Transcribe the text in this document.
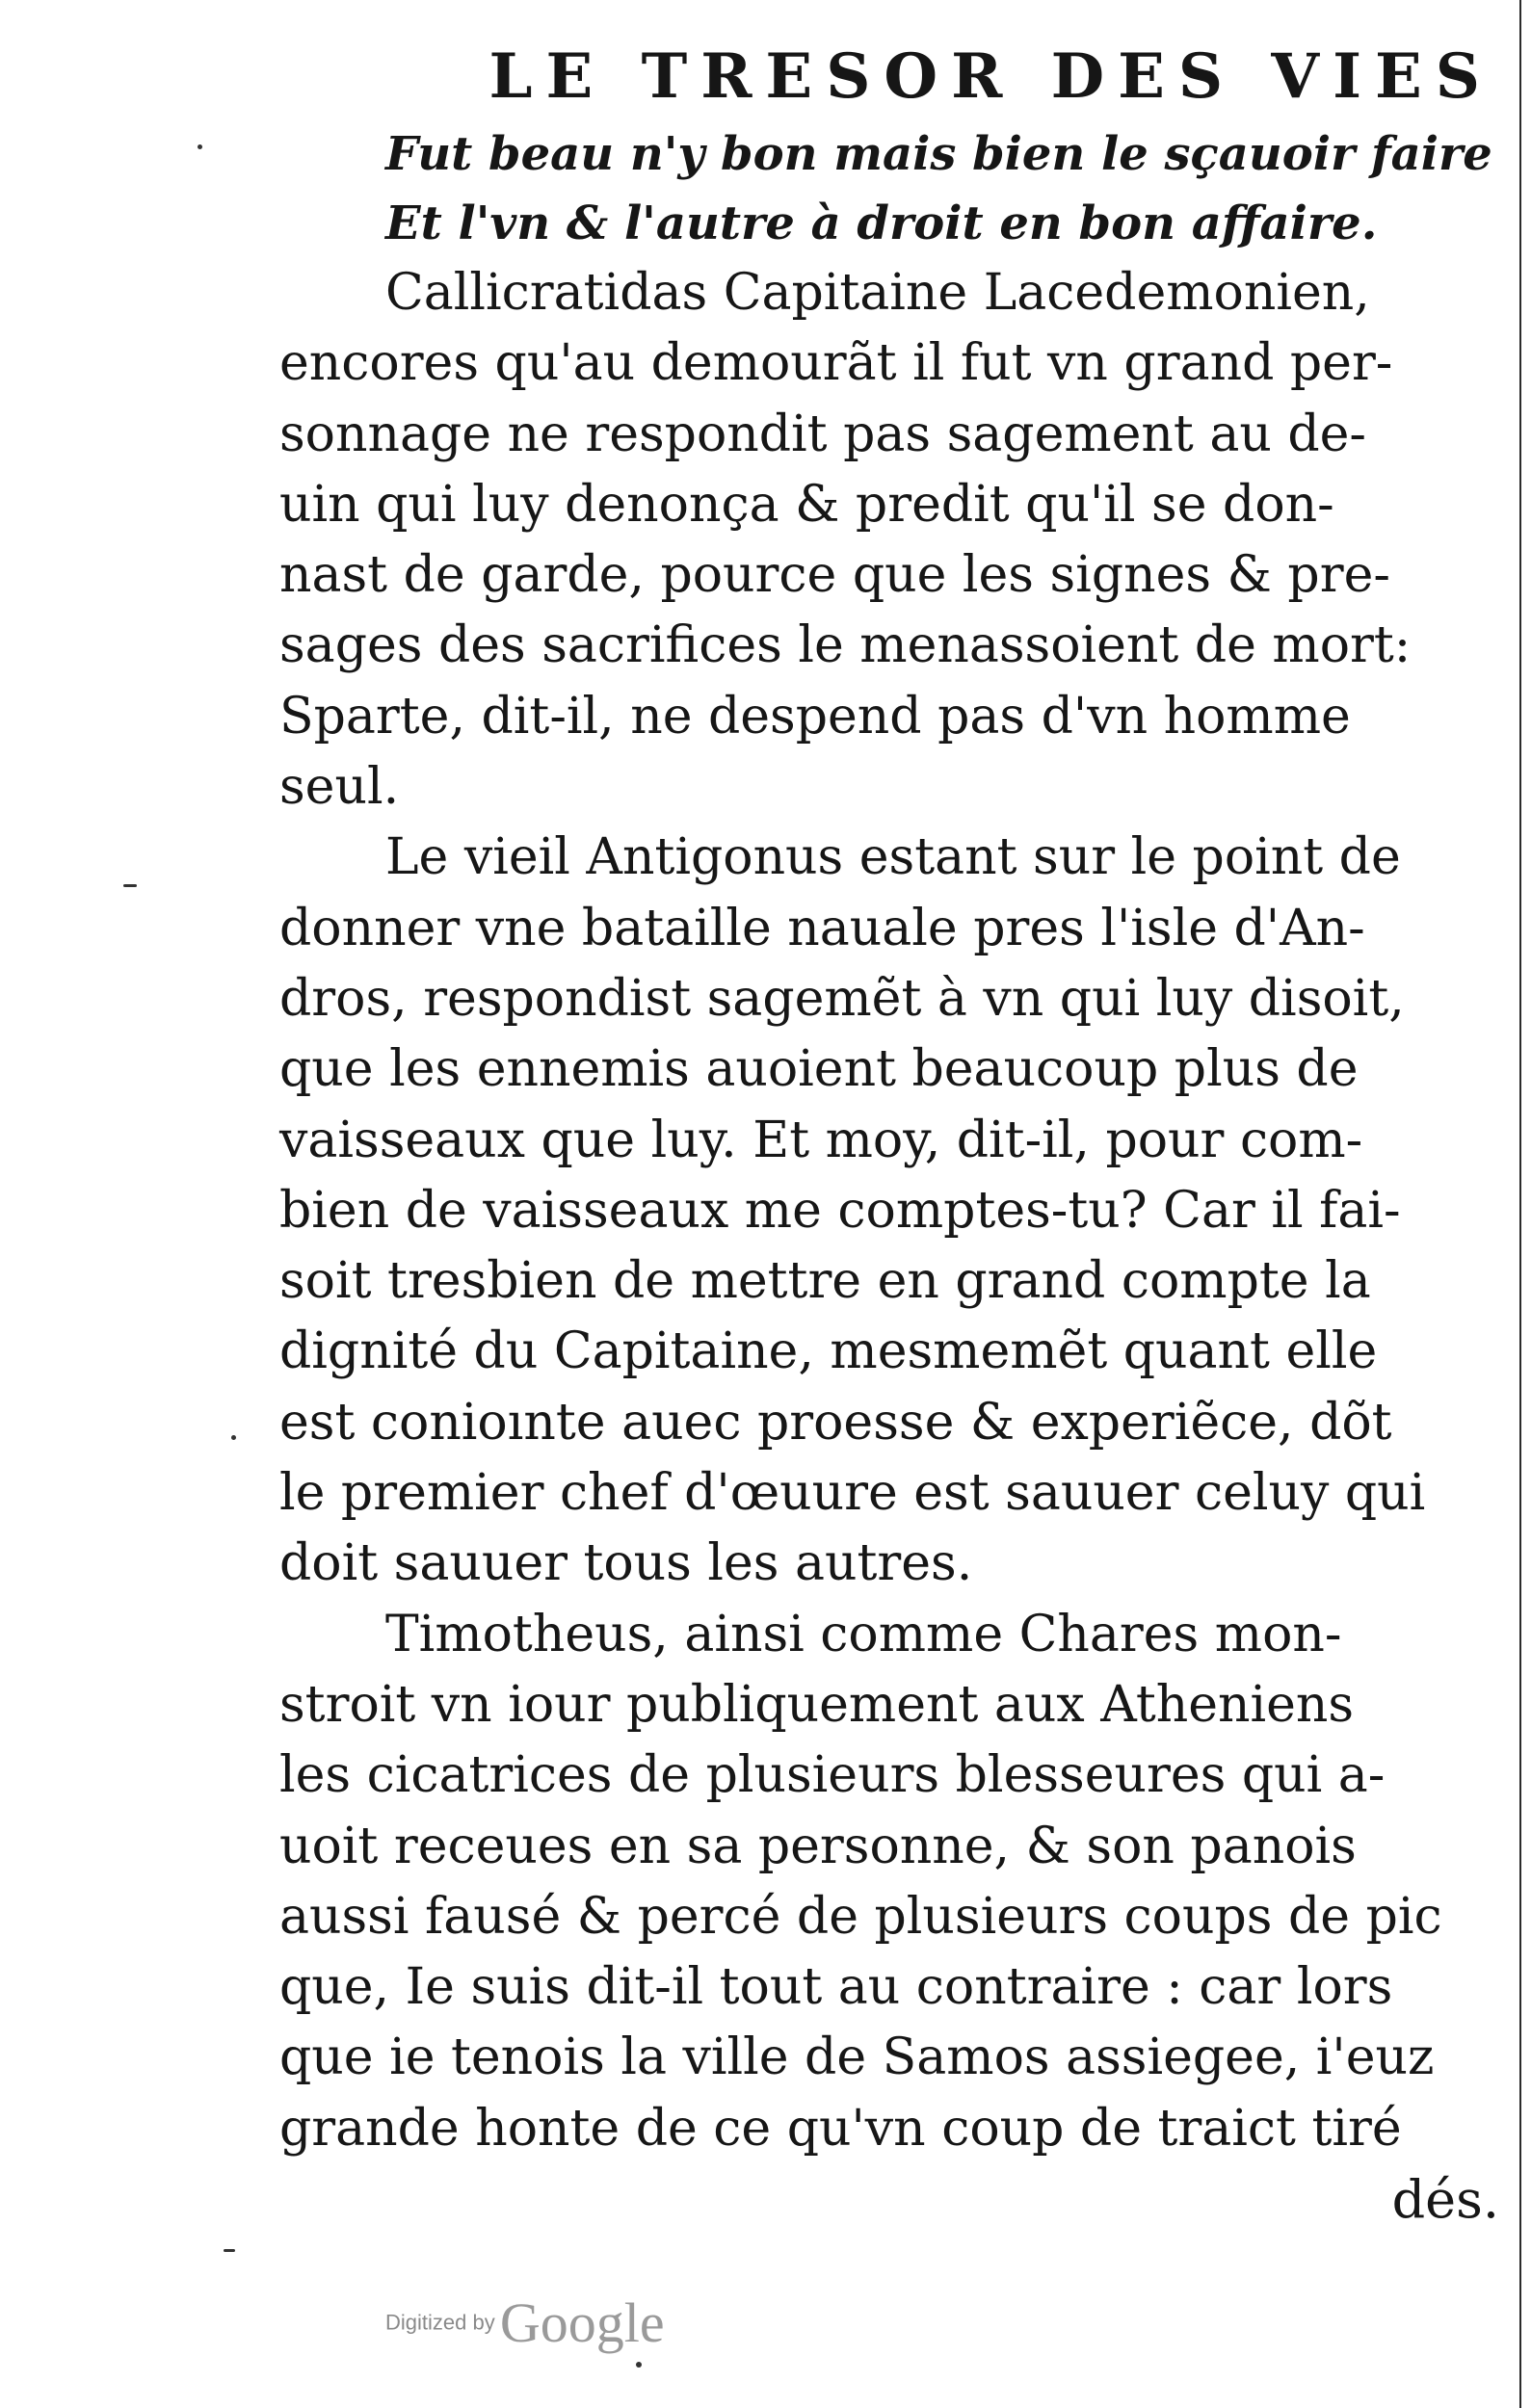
LE TRESOR DES VIES
Fut beau n'y bon mais bien le sçauoir faire
Et l'vn & l'autre à droit en bon affaire.

Callicratidas Capitaine Lacedemonien,

encores qu'au demourãt il fut vn grand per-

sonnage ne respondit pas sagement au de-

uin qui luy denonça & predit qu'il se don-

nast de garde, pource que les signes & pre-

sages des sacrifices le menassoient de mort:

Sparte, dit-il, ne despend pas d'vn homme

seul.

Le vieil Antigonus estant sur le point de

donner vne bataille nauale pres l'isle d'An-

dros, respondist sagemẽt à vn qui luy disoit,

que les ennemis auoient beaucoup plus de

vaisseaux que luy. Et moy, dit-il, pour com-

bien de vaisseaux me comptes-tu? Car il fai-

soit tresbien de mettre en grand compte la

dignité du Capitaine, mesmemẽt quant elle

est conioınte auec proesse & experiẽce, dõt

le premier chef d'œuure est sauuer celuy qui

doit sauuer tous les autres.

Timotheus, ainsi comme Chares mon-

stroit vn iour publiquement aux Atheniens

les cicatrices de plusieurs blesseures qui a-

uoit receues en sa personne, & son panois

aussi fausé & percé de plusieurs coups de pic

que, Ie suis dit-il tout au contraire : car lors

que ie tenois la ville de Samos assiegee, i'euz

grande honte de ce qu'vn coup de traict tiré

dés.
Digitized by Google
